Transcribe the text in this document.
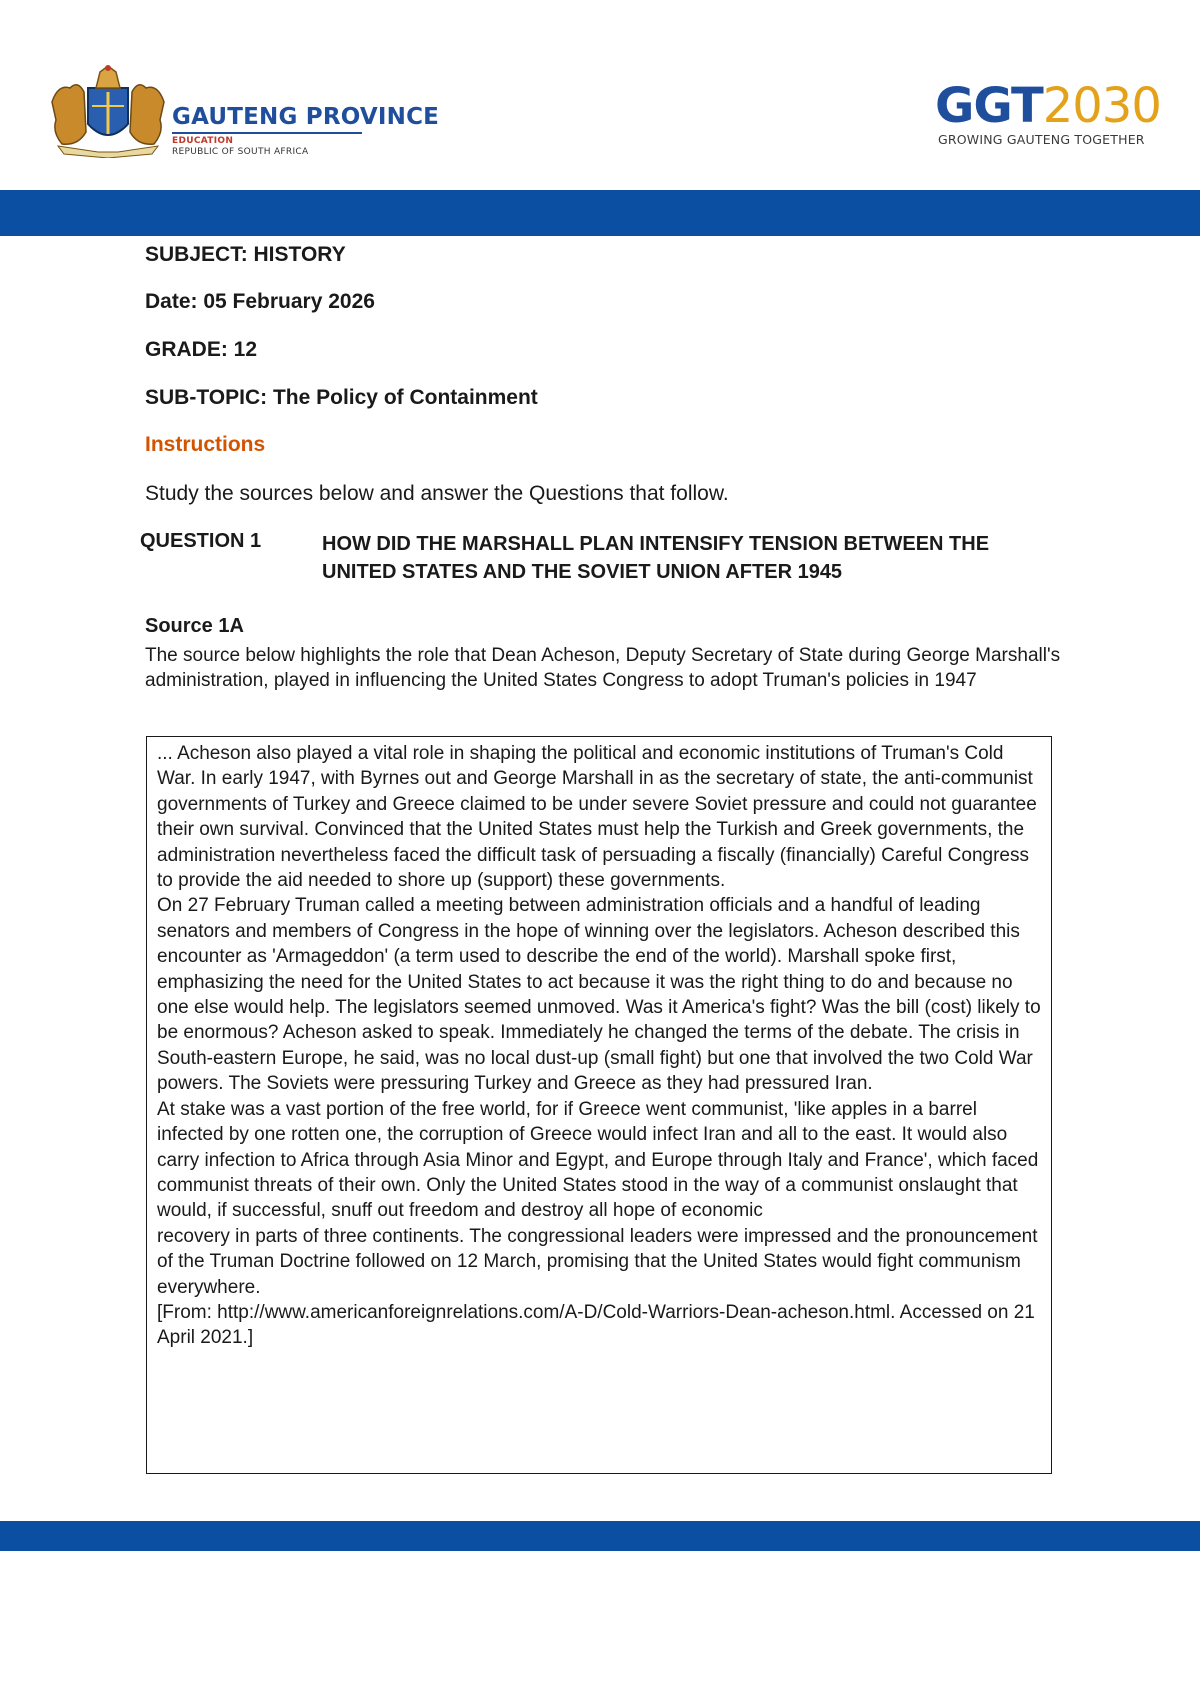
GAUTENG PROVINCE
EDUCATION
REPUBLIC OF SOUTH AFRICA
GGT2030
GROWING GAUTENG TOGETHER
SUBJECT: HISTORY
Date: 05 February 2026
GRADE: 12
SUB-TOPIC: The Policy of Containment
Instructions
Study the sources below and answer the Questions that follow.
QUESTION 1	HOW DID THE MARSHALL PLAN INTENSIFY TENSION BETWEEN THE UNITED STATES AND THE SOVIET UNION AFTER 1945
Source 1A
The source below highlights the role that Dean Acheson, Deputy Secretary of State during George Marshall's administration, played in influencing the United States Congress to adopt Truman's policies in 1947

... Acheson also played a vital role in shaping the political and economic institutions of Truman's Cold War. In early 1947, with Byrnes out and George Marshall in as the secretary of state, the anti-communist governments of Turkey and Greece claimed to be under severe Soviet pressure and could not guarantee their own survival. Convinced that the United States must help the Turkish and Greek governments, the administration nevertheless faced the difficult task of persuading a fiscally (financially) Careful Congress to provide the aid needed to shore up (support) these governments.

On 27 February Truman called a meeting between administration officials and a handful of leading senators and members of Congress in the hope of winning over the legislators. Acheson described this encounter as 'Armageddon' (a term used to describe the end of the world). Marshall spoke first, emphasizing the need for the United States to act because it was the right thing to do and because no one else would help. The legislators seemed unmoved. Was it America's fight? Was the bill (cost) likely to be enormous? Acheson asked to speak. Immediately he changed the terms of the debate. The crisis in South-eastern Europe, he said, was no local dust-up (small fight) but one that involved the two Cold War powers. The Soviets were pressuring Turkey and Greece as they had pressured Iran.

At stake was a vast portion of the free world, for if Greece went communist, 'like apples in a barrel infected by one rotten one, the corruption of Greece would infect Iran and all to the east. It would also carry infection to Africa through Asia Minor and Egypt, and Europe through Italy and France', which faced communist threats of their own. Only the United States stood in the way of a communist onslaught that would, if successful, snuff out freedom and destroy all hope of economic

recovery in parts of three continents. The congressional leaders were impressed and the pronouncement of the Truman Doctrine followed on 12 March, promising that the United States would fight communism everywhere.

[From: http://www.americanforeignrelations.com/A-D/Cold-Warriors-Dean-acheson.html. Accessed on 21 April 2021.]
